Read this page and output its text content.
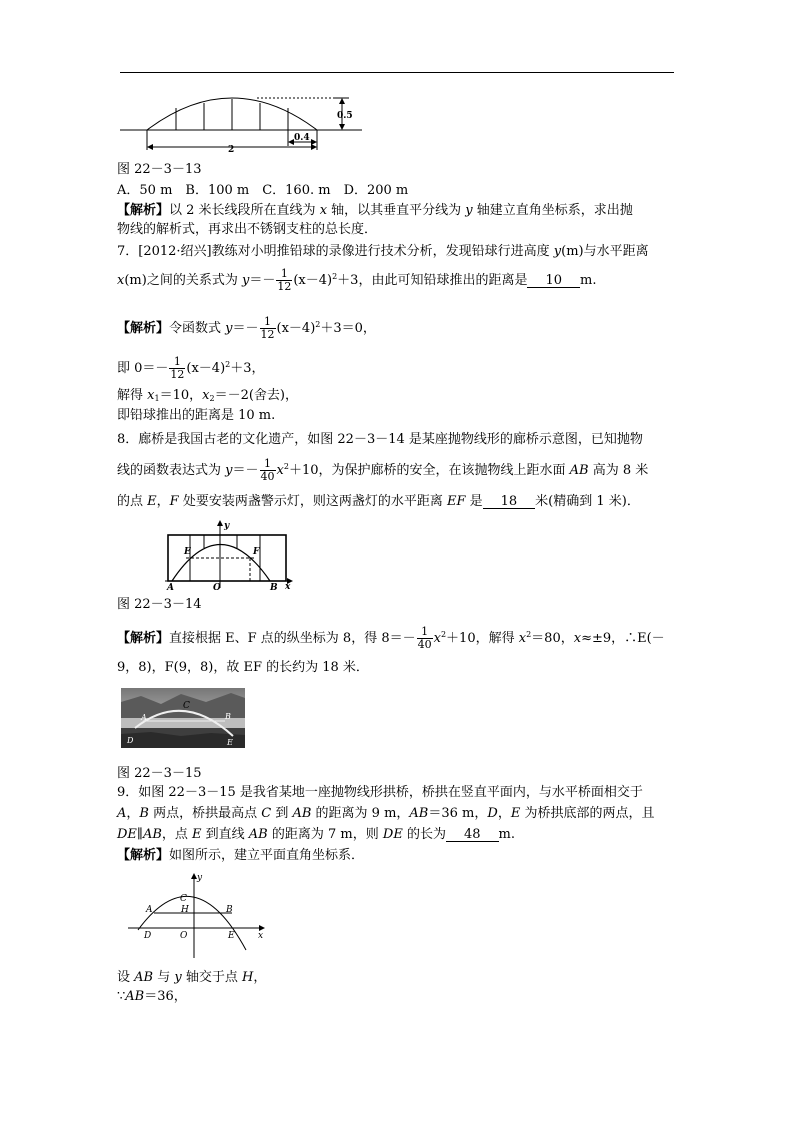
0.5
2
0.4
图 22－3－13
A．50 m　B．100 m　C．160. m　D．200 m
【解析】以 2 米长线段所在直线为 x 轴，以其垂直平分线为 y 轴建立直角坐标系，求出抛
物线的解析式，再求出不锈钢支柱的总长度．
7．[2012·绍兴]教练对小明推铅球的录像进行技术分析，发现铅球行进高度 y(m)与水平距离
x(m)之间的关系式为 $y=- \frac{1}{12} (x-4)^2+3$，由此可知铅球推出的距离是 10 m.
【解析】令函数式 $y=- \frac{1}{12} (x-4)^2+3=0$，
即 $0=- \frac{1}{12} (x-4)^2+3$，
解得 $x_1=10$，$x_2=-2$(舍去)，
即铅球推出的距离是 10 m.
8．廊桥是我国古老的文化遗产，如图 22－3－14 是某座抛物线形的廊桥示意图，已知抛物
线的函数表达式为 $y=- \frac{1}{40} x^2+10$，为保护廊桥的安全，在该抛物线上距水面 AB 高为 8 米
的点 E，F 处要安装两盏警示灯，则这两盏灯的水平距离 EF 是 18 米(精确到 1 米)．
E	F
A	O	B x
y
图 22－3－14
【解析】直接根据 E、F 点的纵坐标为 8，得 $8=- \frac{1}{40} x^2+10$，解得 $x^2=80$，x≈±9，∴E(－
9，8)，F(9，8)，故 EF 的长约为 18 米．
C
A	B
D	E
图 22－3－15
9．如图 22－3－15 是我省某地一座抛物线形拱桥，桥拱在竖直平面内，与水平桥面相交于
A，B 两点，桥拱最高点 C 到 AB 的距离为 9 m，AB＝36 m，D，E 为桥拱底部的两点，且
DE∥AB，点 E 到直线 AB 的距离为 7 m，则 DE 的长为 48 m.
【解析】如图所示，建立平面直角坐标系．
y
C
H
A	B
D	O	E	x
设 AB 与 y 轴交于点 H，
∵AB＝36，
